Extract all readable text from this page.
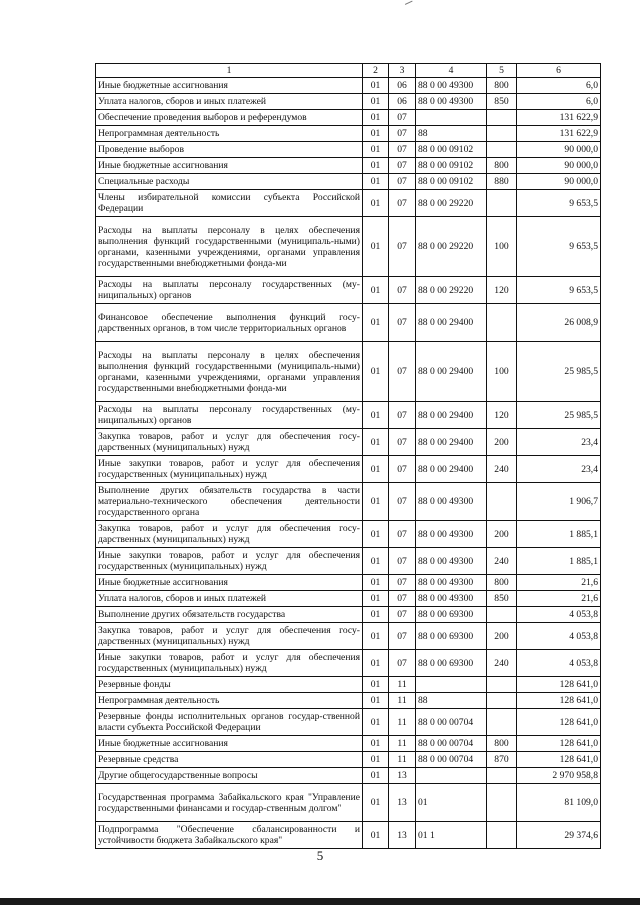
1	2	3	4	5	6
Иные бюджетные ассигнования	01	06	88 0 00 49300	800	6,0
Уплата налогов, сборов и иных платежей	01	06	88 0 00 49300	850	6,0
Обеспечение проведения выборов и референдумов	01	07			131 622,9
Непрограммная деятельность	01	07	88		131 622,9
Проведение выборов	01	07	88 0 00 09102		90 000,0
Иные бюджетные ассигнования	01	07	88 0 00 09102	800	90 000,0
Специальные расходы	01	07	88 0 00 09102	880	90 000,0
Члены избирательной комиссии субъекта Российской Федерации	01	07	88 0 00 29220		9 653,5
Расходы на выплаты персоналу в целях обеспечения выполнения функций государственными (муниципаль-ными) органами, казенными учреждениями, органами управления государственными внебюджетными фонда-ми	01	07	88 0 00 29220	100	9 653,5
Расходы на выплаты персоналу государственных (му-ниципальных) органов	01	07	88 0 00 29220	120	9 653,5
Финансовое обеспечение выполнения функций госу-дарственных органов, в том числе территориальных органов	01	07	88 0 00 29400		26 008,9
Расходы на выплаты персоналу в целях обеспечения выполнения функций государственными (муниципаль-ными) органами, казенными учреждениями, органами управления государственными внебюджетными фонда-ми	01	07	88 0 00 29400	100	25 985,5
Расходы на выплаты персоналу государственных (му-ниципальных) органов	01	07	88 0 00 29400	120	25 985,5
Закупка товаров, работ и услуг для обеспечения госу-дарственных (муниципальных) нужд	01	07	88 0 00 29400	200	23,4
Иные закупки товаров, работ и услуг для обеспечения государственных (муниципальных) нужд	01	07	88 0 00 29400	240	23,4
Выполнение других обязательств государства в части материально-технического обеспечения деятельности государственного органа	01	07	88 0 00 49300		1 906,7
Закупка товаров, работ и услуг для обеспечения госу-дарственных (муниципальных) нужд	01	07	88 0 00 49300	200	1 885,1
Иные закупки товаров, работ и услуг для обеспечения государственных (муниципальных) нужд	01	07	88 0 00 49300	240	1 885,1
Иные бюджетные ассигнования	01	07	88 0 00 49300	800	21,6
Уплата налогов, сборов и иных платежей	01	07	88 0 00 49300	850	21,6
Выполнение других обязательств государства	01	07	88 0 00 69300		4 053,8
Закупка товаров, работ и услуг для обеспечения госу-дарственных (муниципальных) нужд	01	07	88 0 00 69300	200	4 053,8
Иные закупки товаров, работ и услуг для обеспечения государственных (муниципальных) нужд	01	07	88 0 00 69300	240	4 053,8
Резервные фонды	01	11			128 641,0
Непрограммная деятельность	01	11	88		128 641,0
Резервные фонды исполнительных органов государ-ственной власти субъекта Российской Федерации	01	11	88 0 00 00704		128 641,0
Иные бюджетные ассигнования	01	11	88 0 00 00704	800	128 641,0
Резервные средства	01	11	88 0 00 00704	870	128 641,0
Другие общегосударственные вопросы	01	13			2 970 958,8
Государственная программа Забайкальского края "Управление государственными финансами и государ-ственным долгом"	01	13	01		81 109,0
Подпрограмма "Обеспечение сбалансированности и устойчивости бюджета Забайкальского края"	01	13	01 1		29 374,6
5
